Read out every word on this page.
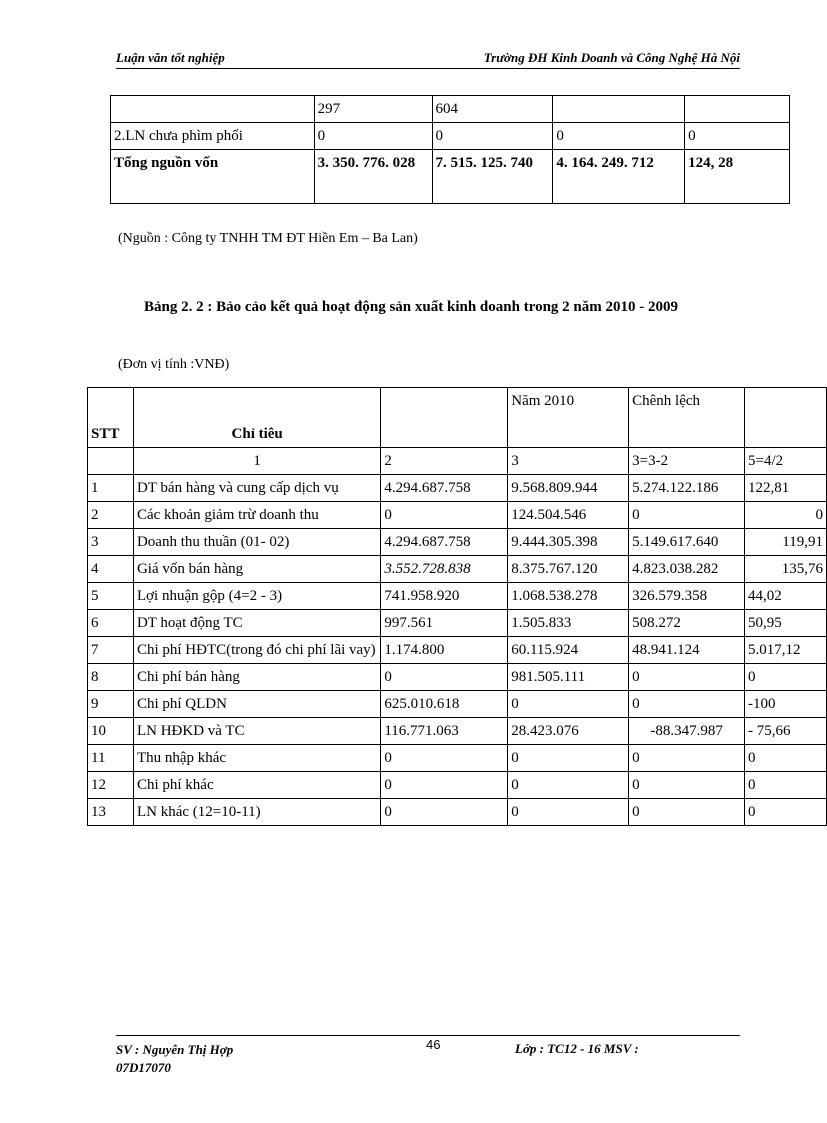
Luận văn tốt nghiệp	Trường ĐH Kinh Doanh và Công Nghệ Hà Nội
	297	604		
2.LN chưa phìm phối	0	0	0	0
Tổng nguồn vốn	3. 350. 776. 028	7. 515. 125. 740	4. 164. 249. 712	124, 28
(Nguồn : Công ty TNHH TM ĐT Hiền Em – Ba Lan)
Bảng 2. 2 : Bảo cảo kết quả hoạt động sản xuất kinh doanh trong 2 năm 2010 - 2009
(Đơn vị tính :VNĐ)
STT	Chỉ tiêu		Năm 2010	Chênh lệch	
	1	2	3	3=3-2	5=4/2
1	DT bán hàng và cung cấp dịch vụ	4.294.687.758	9.568.809.944	5.274.122.186	122,81
2	Các khoản giảm trừ doanh thu	0	124.504.546	0	0
3	Doanh thu thuần (01- 02)	4.294.687.758	9.444.305.398	5.149.617.640	119,91
4	Giá vốn bán hàng	3.552.728.838	8.375.767.120	4.823.038.282	135,76
5	Lợi nhuận gộp (4=2 - 3)	741.958.920	1.068.538.278	326.579.358	44,02
6	DT hoạt động TC	997.561	1.505.833	508.272	50,95
7	Chi phí HĐTC(trong đó chi phí lãi vay)	1.174.800	60.115.924	48.941.124	5.017,12
8	Chi phí bán hàng	0	981.505.111	0	0
9	Chi phí QLDN	625.010.618	0	0	-100
10	LN HĐKD và TC	116.771.063	28.423.076	-88.347.987	- 75,66
11	Thu nhập khác	0	0	0	0
12	Chi phí khác	0	0	0	0
13	LN khác (12=10-11)	0	0	0	0
SV : Nguyễn Thị Hợp
07D17070
46	Lớp : TC12 - 16 MSV :
